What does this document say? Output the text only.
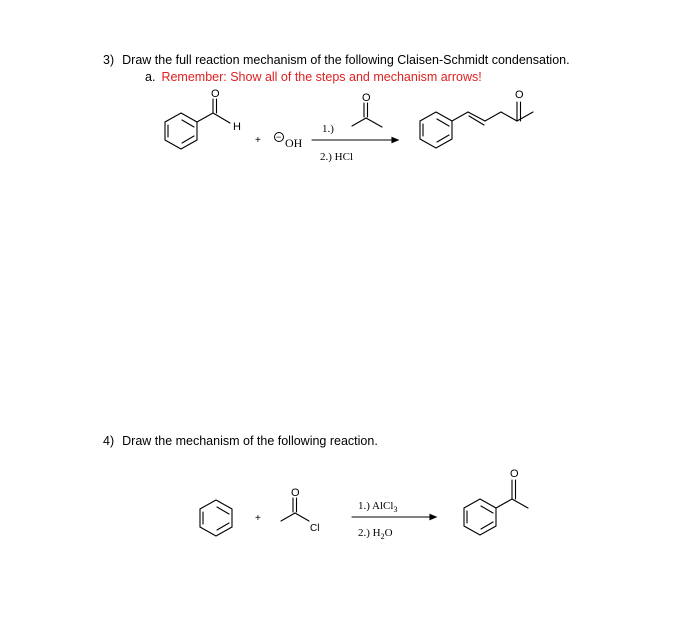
3) Draw the full reaction mechanism of the following Claisen-Schmidt condensation.
a. Remember: Show all of the steps and mechanism arrows!
4) Draw the mechanism of the following reaction.
O
H
+ − OH
1.)
O
2.) HCl
O
+
O
Cl
1.) AlCl$_3$
2.) $H_2O$
O
